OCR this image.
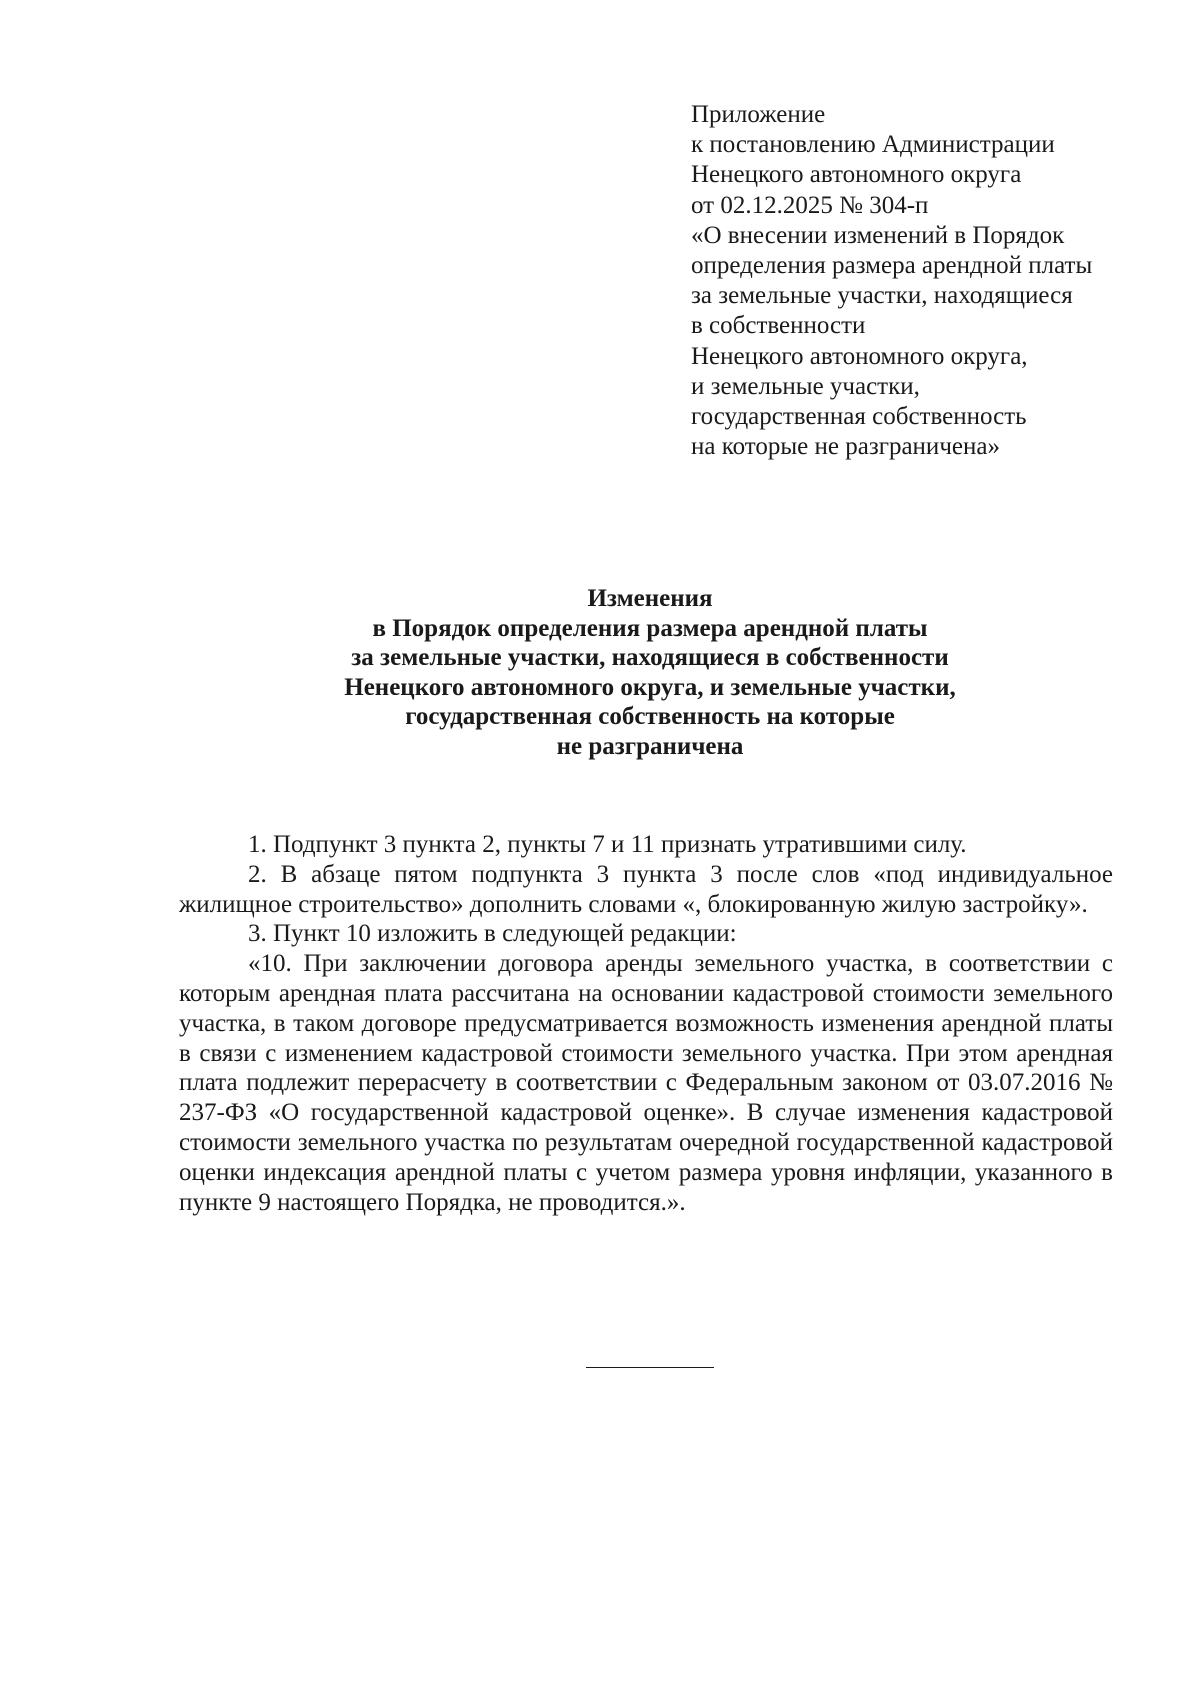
Приложение
к постановлению Администрации
Ненецкого автономного округа
от 02.12.2025 № 304-п
«О внесении изменений в Порядок
определения размера арендной платы
за земельные участки, находящиеся
в собственности
Ненецкого автономного округа,
и земельные участки,
государственная собственность
на которые не разграничена»
Изменения
в Порядок определения размера арендной платы
за земельные участки, находящиеся в собственности
Ненецкого автономного округа, и земельные участки,
государственная собственность на которые
не разграничена

1. Подпункт 3 пункта 2, пункты 7 и 11 признать утратившими силу.

2. В абзаце пятом подпункта 3 пункта 3 после слов «под индивидуальное жилищное строительство» дополнить словами «, блокированную жилую застройку».

3. Пункт 10 изложить в следующей редакции:

«10. При заключении договора аренды земельного участка, в соответствии с которым арендная плата рассчитана на основании кадастровой стоимости земельного участка, в таком договоре предусматривается возможность изменения арендной платы в связи с изменением кадастровой стоимости земельного участка. При этом арендная плата подлежит перерасчету в соответствии с Федеральным законом от 03.07.2016 № 237-ФЗ «О государственной кадастровой оценке». В случае изменения кадастровой стоимости земельного участка по результатам очередной государственной кадастровой оценки индексация арендной платы с учетом размера уровня инфляции, указанного в пункте 9 настоящего Порядка, не проводится.».
